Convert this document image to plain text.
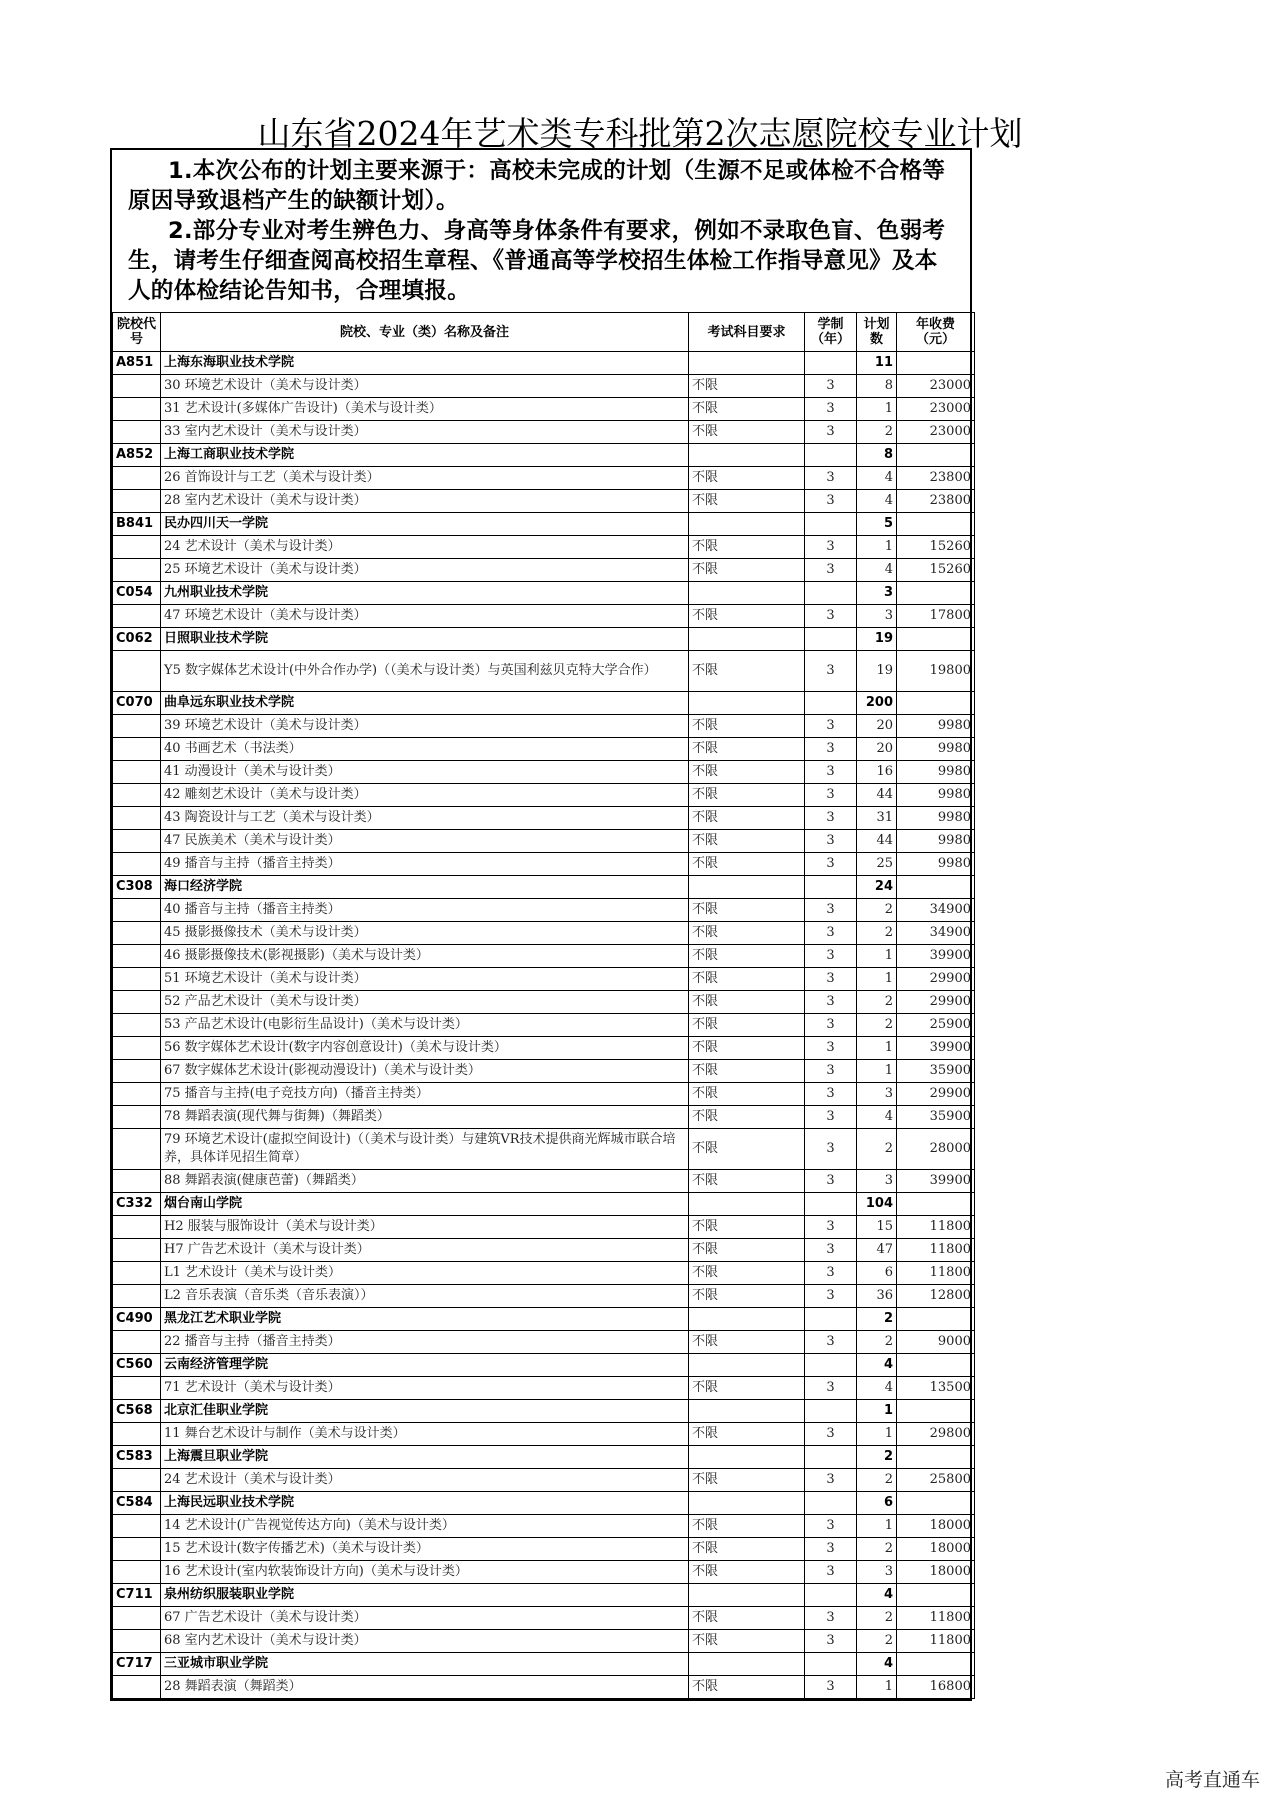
山东省2024年艺术类专科批第2次志愿院校专业计划

1.本次公布的计划主要来源于：高校未完成的计划（生源不足或体检不合格等原因导致退档产生的缺额计划）。

2.部分专业对考生辨色力、身高等身体条件有要求，例如不录取色盲、色弱考生，请考生仔细查阅高校招生章程、《普通高等学校招生体检工作指导意见》及本人的体检结论告知书，合理填报。

院校代号	院校、专业（类）名称及备注	考试科目要求	学制（年）	计划数	年收费（元）
A851	上海东海职业技术学院			11	
	30 环境艺术设计（美术与设计类）	不限	3	8	23000
	31 艺术设计(多媒体广告设计)（美术与设计类）	不限	3	1	23000
	33 室内艺术设计（美术与设计类）	不限	3	2	23000
A852	上海工商职业技术学院			8	
	26 首饰设计与工艺（美术与设计类）	不限	3	4	23800
	28 室内艺术设计（美术与设计类）	不限	3	4	23800
B841	民办四川天一学院			5	
	24 艺术设计（美术与设计类）	不限	3	1	15260
	25 环境艺术设计（美术与设计类）	不限	3	4	15260
C054	九州职业技术学院			3	
	47 环境艺术设计（美术与设计类）	不限	3	3	17800
C062	日照职业技术学院			19	
	Y5 数字媒体艺术设计(中外合作办学)（（美术与设计类）与英国利兹贝克特大学合作）	不限	3	19	19800
C070	曲阜远东职业技术学院			200	
	39 环境艺术设计（美术与设计类）	不限	3	20	9980
	40 书画艺术（书法类）	不限	3	20	9980
	41 动漫设计（美术与设计类）	不限	3	16	9980
	42 雕刻艺术设计（美术与设计类）	不限	3	44	9980
	43 陶瓷设计与工艺（美术与设计类）	不限	3	31	9980
	47 民族美术（美术与设计类）	不限	3	44	9980
	49 播音与主持（播音主持类）	不限	3	25	9980
C308	海口经济学院			24	
	40 播音与主持（播音主持类）	不限	3	2	34900
	45 摄影摄像技术（美术与设计类）	不限	3	2	34900
	46 摄影摄像技术(影视摄影)（美术与设计类）	不限	3	1	39900
	51 环境艺术设计（美术与设计类）	不限	3	1	29900
	52 产品艺术设计（美术与设计类）	不限	3	2	29900
	53 产品艺术设计(电影衍生品设计)（美术与设计类）	不限	3	2	25900
	56 数字媒体艺术设计(数字内容创意设计)（美术与设计类）	不限	3	1	39900
	67 数字媒体艺术设计(影视动漫设计)（美术与设计类）	不限	3	1	35900
	75 播音与主持(电子竞技方向)（播音主持类）	不限	3	3	29900
	78 舞蹈表演(现代舞与街舞)（舞蹈类）	不限	3	4	35900
	79 环境艺术设计(虚拟空间设计)（（美术与设计类）与建筑VR技术提供商光辉城市联合培养，具体详见招生简章）	不限	3	2	28000
	88 舞蹈表演(健康芭蕾)（舞蹈类）	不限	3	3	39900
C332	烟台南山学院			104	
	H2 服装与服饰设计（美术与设计类）	不限	3	15	11800
	H7 广告艺术设计（美术与设计类）	不限	3	47	11800
	L1 艺术设计（美术与设计类）	不限	3	6	11800
	L2 音乐表演（音乐类（音乐表演））	不限	3	36	12800
C490	黑龙江艺术职业学院			2	
	22 播音与主持（播音主持类）	不限	3	2	9000
C560	云南经济管理学院			4	
	71 艺术设计（美术与设计类）	不限	3	4	13500
C568	北京汇佳职业学院			1	
	11 舞台艺术设计与制作（美术与设计类）	不限	3	1	29800
C583	上海震旦职业学院			2	
	24 艺术设计（美术与设计类）	不限	3	2	25800
C584	上海民远职业技术学院			6	
	14 艺术设计(广告视觉传达方向)（美术与设计类）	不限	3	1	18000
	15 艺术设计(数字传播艺术)（美术与设计类）	不限	3	2	18000
	16 艺术设计(室内软装饰设计方向)（美术与设计类）	不限	3	3	18000
C711	泉州纺织服装职业学院			4	
	67 广告艺术设计（美术与设计类）	不限	3	2	11800
	68 室内艺术设计（美术与设计类）	不限	3	2	11800
C717	三亚城市职业学院			4	
	28 舞蹈表演（舞蹈类）	不限	3	1	16800
高考直通车
